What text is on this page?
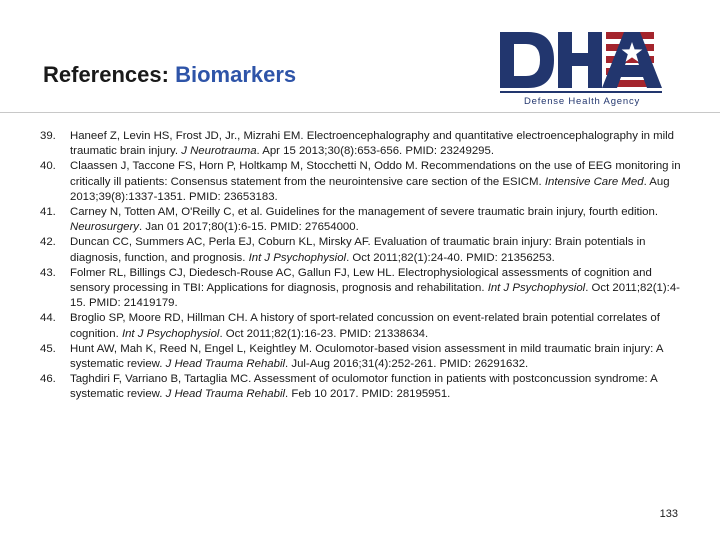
References: Biomarkers
Defense Health Agency
39.	Haneef Z, Levin HS, Frost JD, Jr., Mizrahi EM. Electroencephalography and quantitative electroencephalography in mild traumatic brain injury. J Neurotrauma. Apr 15 2013;30(8):653-656. PMID: 23249295.
40.	Claassen J, Taccone FS, Horn P, Holtkamp M, Stocchetti N, Oddo M. Recommendations on the use of EEG monitoring in critically ill patients: Consensus statement from the neurointensive care section of the ESICM. Intensive Care Med. Aug 2013;39(8):1337-1351. PMID: 23653183.
41.	Carney N, Totten AM, O'Reilly C, et al. Guidelines for the management of severe traumatic brain injury, fourth edition. Neurosurgery. Jan 01 2017;80(1):6-15. PMID: 27654000.
42.	Duncan CC, Summers AC, Perla EJ, Coburn KL, Mirsky AF. Evaluation of traumatic brain injury: Brain potentials in diagnosis, function, and prognosis. Int J Psychophysiol. Oct 2011;82(1):24-40. PMID: 21356253.
43.	Folmer RL, Billings CJ, Diedesch-Rouse AC, Gallun FJ, Lew HL. Electrophysiological assessments of cognition and sensory processing in TBI: Applications for diagnosis, prognosis and rehabilitation. Int J Psychophysiol. Oct 2011;82(1):4-15. PMID: 21419179.
44.	Broglio SP, Moore RD, Hillman CH. A history of sport-related concussion on event-related brain potential correlates of cognition. Int J Psychophysiol. Oct 2011;82(1):16-23. PMID: 21338634.
45.	Hunt AW, Mah K, Reed N, Engel L, Keightley M. Oculomotor-based vision assessment in mild traumatic brain injury: A systematic review. J Head Trauma Rehabil. Jul-Aug 2016;31(4):252-261. PMID: 26291632.
46.	Taghdiri F, Varriano B, Tartaglia MC. Assessment of oculomotor function in patients with postconcussion syndrome: A systematic review. J Head Trauma Rehabil. Feb 10 2017. PMID: 28195951.
133
